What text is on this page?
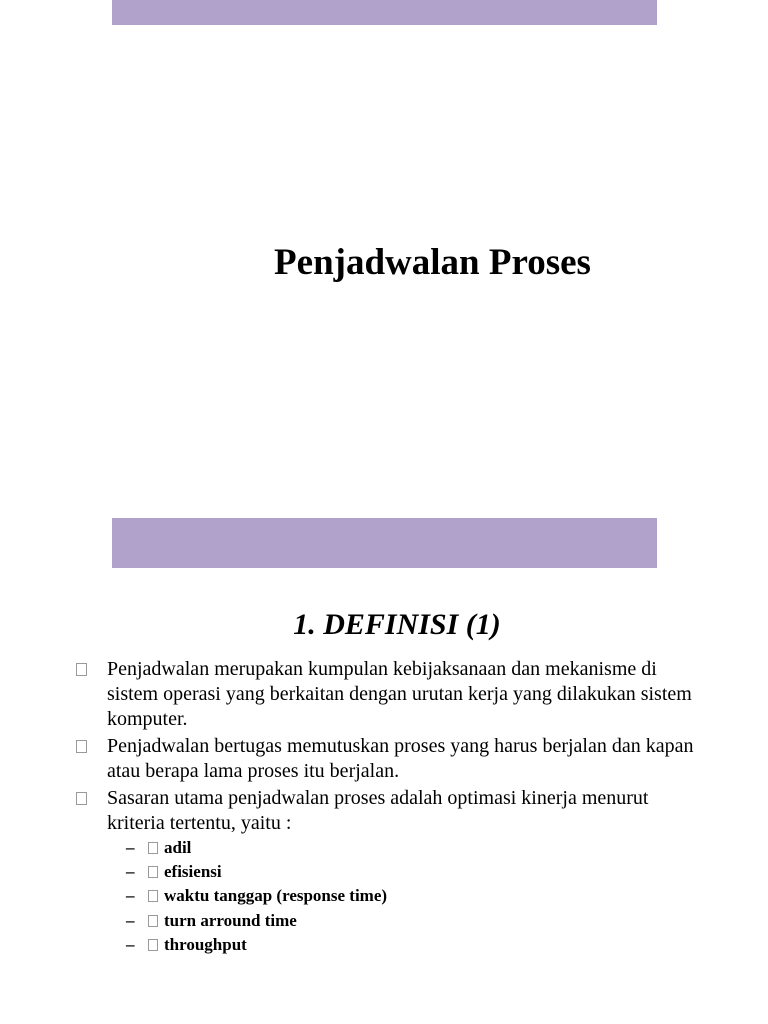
Penjadwalan Proses
1. DEFINISI (1)
Penjadwalan merupakan kumpulan kebijaksanaan dan mekanisme di sistem operasi yang berkaitan dengan urutan kerja yang dilakukan sistem komputer.
Penjadwalan bertugas memutuskan proses yang harus berjalan dan kapan atau berapa lama proses itu berjalan.
Sasaran utama penjadwalan proses adalah optimasi kinerja menurut kriteria tertentu, yaitu :
– adil
– efisiensi
– waktu tanggap (response time)
– turn arround time
– throughput
